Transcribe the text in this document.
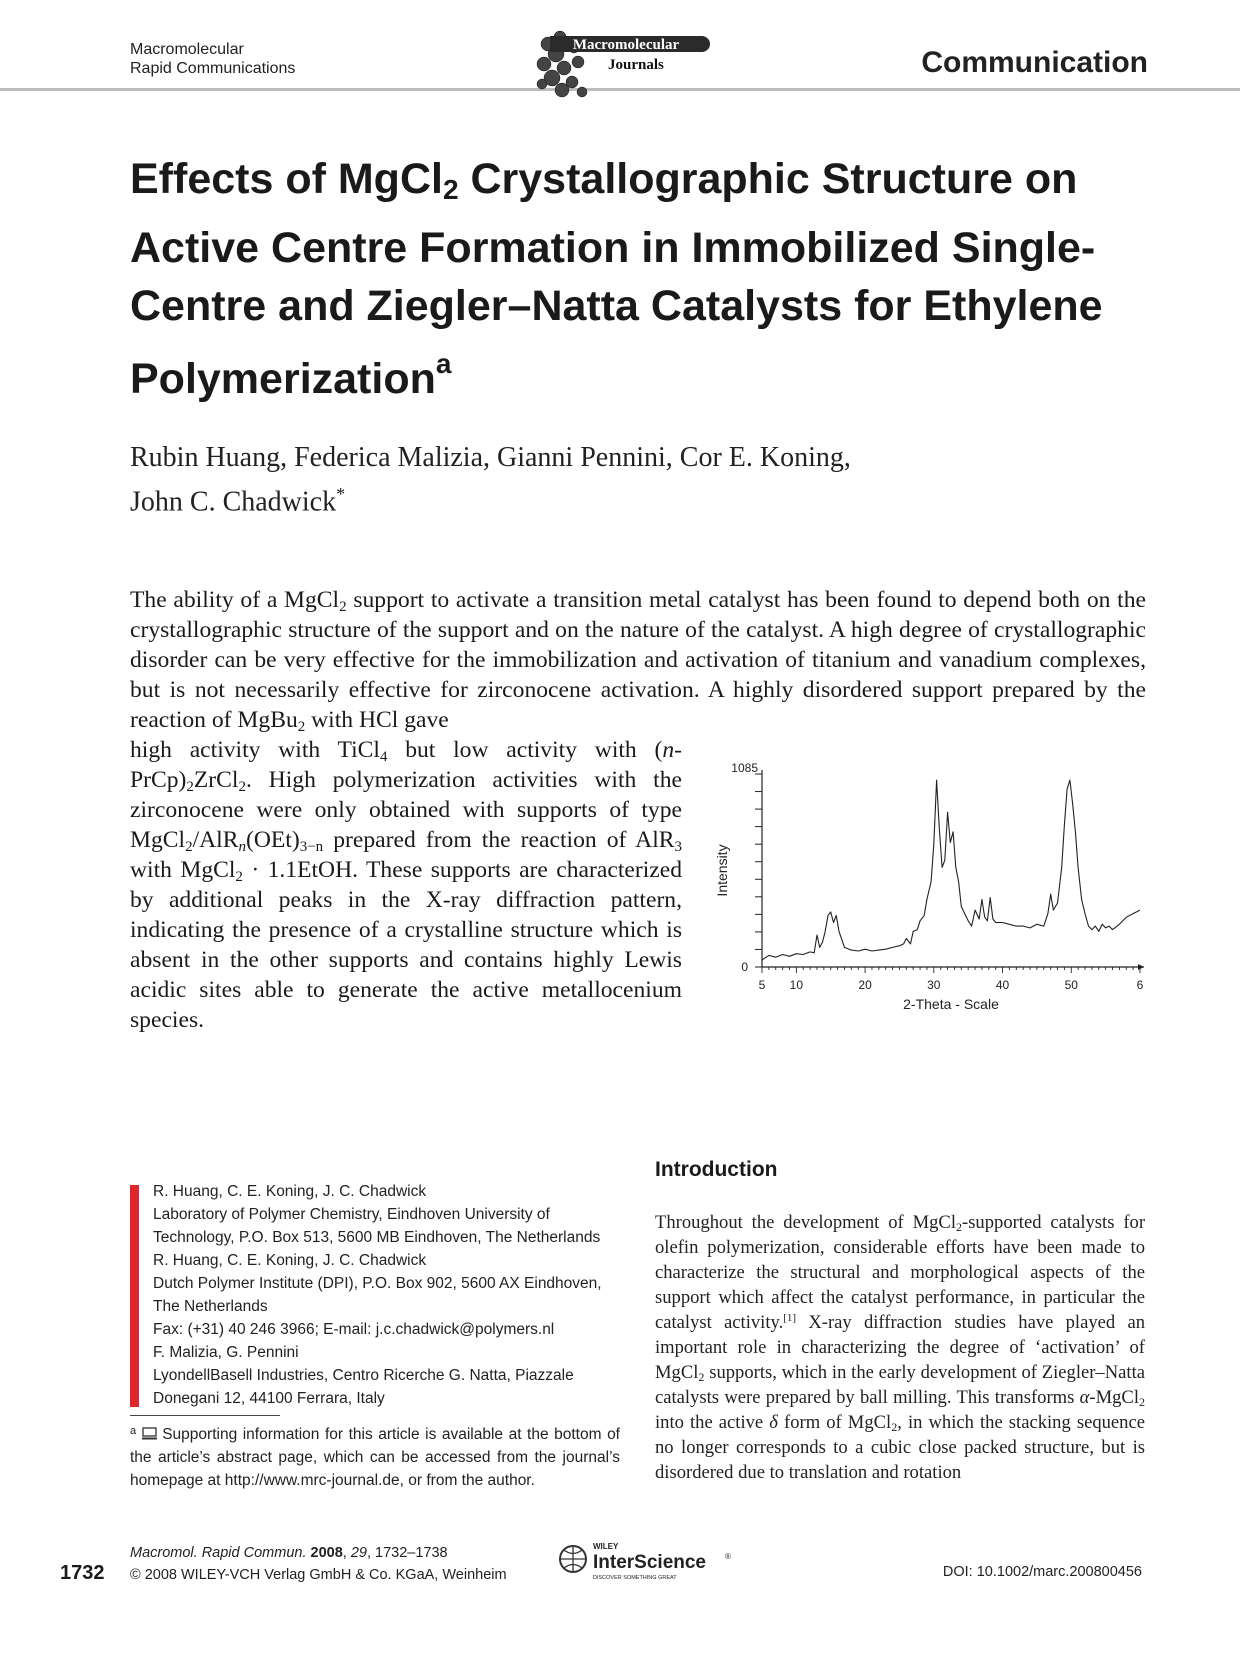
Macromolecular
Rapid Communications
Macromolecular
Journals	Communication
Effects of MgCl$_2$ Crystallographic Structure on Active Centre Formation in Immobilized Single-Centre and Ziegler–Natta Catalysts for Ethylene Polymerization$^a$
Rubin Huang, Federica Malizia, Gianni Pennini, Cor E. Koning,
John C. Chadwick*
The ability of a MgCl$_2$ support to activate a transition metal catalyst has been found to depend both on the crystallographic structure of the support and on the nature of the catalyst. A high degree of crystallographic disorder can be very effective for the immobilization and activation of titanium and vanadium complexes, but is not necessarily effective for zirconocene activation. A highly disordered support prepared by the reaction of MgBu$_2$ with HCl gave
high activity with TiCl$_4$ but low activity with $(n-PrCp)_2ZrCl_2$. High polymerization activities with the zirconocene were only obtained with supports of type $MgCl_2/AlR_n(OEt)_{3-n}$ prepared from the reaction of AlR$_3$ with MgCl$_2$ · 1.1EtOH. These supports are characterized by additional peaks in the X-ray diffraction pattern, indicating the presence of a crystalline structure which is absent in the other supports and contains highly Lewis acidic sites able to generate the active metallocenium species.
5 10	20	30	40	50	6
0
1085
2-Theta - Scale
Intensity
R. Huang, C. E. Koning, J. C. Chadwick
Laboratory of Polymer Chemistry, Eindhoven University of
Technology, P.O. Box 513, 5600 MB Eindhoven, The Netherlands
R. Huang, C. E. Koning, J. C. Chadwick
Dutch Polymer Institute (DPI), P.O. Box 902, 5600 AX Eindhoven,
The Netherlands
Fax: (+31) 40 246 3966; E-mail: j.c.chadwick@polymers.nl
F. Malizia, G. Pennini
LyondellBasell Industries, Centro Ricerche G. Natta, Piazzale
Donegani 12, 44100 Ferrara, Italy
$^a$ Supporting information for this article is available at the bottom of the article’s abstract page, which can be accessed from the journal’s homepage at http://www.mrc-journal.de, or from the author.
Introduction
Throughout the development of MgCl$_2$-supported catalysts for olefin polymerization, considerable efforts have been made to characterize the structural and morphological aspects of the support which affect the catalyst performance, in particular the catalyst activity.[1] X-ray diffraction studies have played an important role in characterizing the degree of ‘activation’ of MgCl$_2$ supports, which in the early development of Ziegler–Natta catalysts were prepared by ball milling. This transforms α-MgCl$_2$ into the active δ form of MgCl$_2$, in which the stacking sequence no longer corresponds to a cubic close packed structure, but is disordered due to translation and rotation
1732
Macromol. Rapid Commun. 2008, 29, 1732–1738
© 2008 WILEY-VCH Verlag GmbH & Co. KGaA, Weinheim
WILEY
InterScience ®
DISCOVER SOMETHING GREAT	DOI: 10.1002/marc.200800456
